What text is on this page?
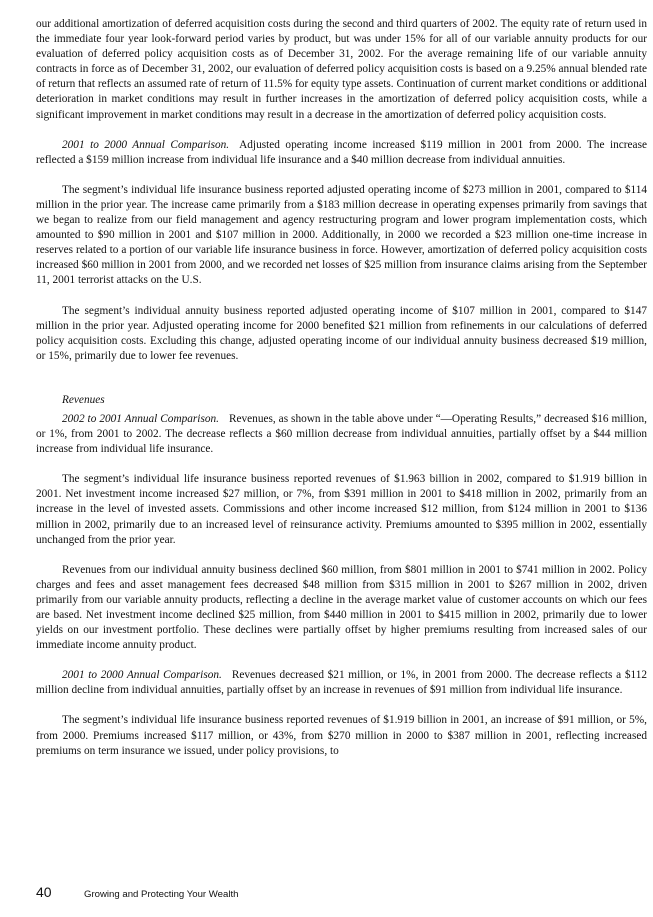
our additional amortization of deferred acquisition costs during the second and third quarters of 2002. The equity rate of return used in the immediate four year look-forward period varies by product, but was under 15% for all of our variable annuity products for our evaluation of deferred policy acquisition costs as of December 31, 2002. For the average remaining life of our variable annuity contracts in force as of December 31, 2002, our evaluation of deferred policy acquisition costs is based on a 9.25% annual blended rate of return that reflects an assumed rate of return of 11.5% for equity type assets. Continuation of current market conditions or additional deterioration in market conditions may result in further increases in the amortization of deferred policy acquisition costs, while a significant improvement in market conditions may result in a decrease in the amortization of deferred policy acquisition costs.

2001 to 2000 Annual Comparison. Adjusted operating income increased $119 million in 2001 from 2000. The increase reflected a $159 million increase from individual life insurance and a $40 million decrease from individual annuities.

The segment’s individual life insurance business reported adjusted operating income of $273 million in 2001, compared to $114 million in the prior year. The increase came primarily from a $183 million decrease in operating expenses primarily from savings that we began to realize from our field management and agency restructuring program and lower program implementation costs, which amounted to $90 million in 2001 and $107 million in 2000. Additionally, in 2000 we recorded a $23 million one-time increase in reserves related to a portion of our variable life insurance business in force. However, amortization of deferred policy acquisition costs increased $60 million in 2001 from 2000, and we recorded net losses of $25 million from insurance claims arising from the September 11, 2001 terrorist attacks on the U.S.

The segment’s individual annuity business reported adjusted operating income of $107 million in 2001, compared to $147 million in the prior year. Adjusted operating income for 2000 benefited $21 million from refinements in our calculations of deferred policy acquisition costs. Excluding this change, adjusted operating income of our individual annuity business decreased $19 million, or 15%, primarily due to lower fee revenues.

Revenues

2002 to 2001 Annual Comparison. Revenues, as shown in the table above under “—Operating Results,” decreased $16 million, or 1%, from 2001 to 2002. The decrease reflects a $60 million decrease from individual annuities, partially offset by a $44 million increase from individual life insurance.

The segment’s individual life insurance business reported revenues of $1.963 billion in 2002, compared to $1.919 billion in 2001. Net investment income increased $27 million, or 7%, from $391 million in 2001 to $418 million in 2002, primarily from an increase in the level of invested assets. Commissions and other income increased $12 million, from $124 million in 2001 to $136 million in 2002, primarily due to an increased level of reinsurance activity. Premiums amounted to $395 million in 2002, essentially unchanged from the prior year.

Revenues from our individual annuity business declined $60 million, from $801 million in 2001 to $741 million in 2002. Policy charges and fees and asset management fees decreased $48 million from $315 million in 2001 to $267 million in 2002, driven primarily from our variable annuity products, reflecting a decline in the average market value of customer accounts on which our fees are based. Net investment income declined $25 million, from $440 million in 2001 to $415 million in 2002, primarily due to lower yields on our investment portfolio. These declines were partially offset by higher premiums resulting from increased sales of our immediate income annuity product.

2001 to 2000 Annual Comparison. Revenues decreased $21 million, or 1%, in 2001 from 2000. The decrease reflects a $112 million decline from individual annuities, partially offset by an increase in revenues of $91 million from individual life insurance.

The segment’s individual life insurance business reported revenues of $1.919 billion in 2001, an increase of $91 million, or 5%, from 2000. Premiums increased $117 million, or 43%, from $270 million in 2000 to $387 million in 2001, reflecting increased premiums on term insurance we issued, under policy provisions, to

40	Growing and Protecting Your Wealth
